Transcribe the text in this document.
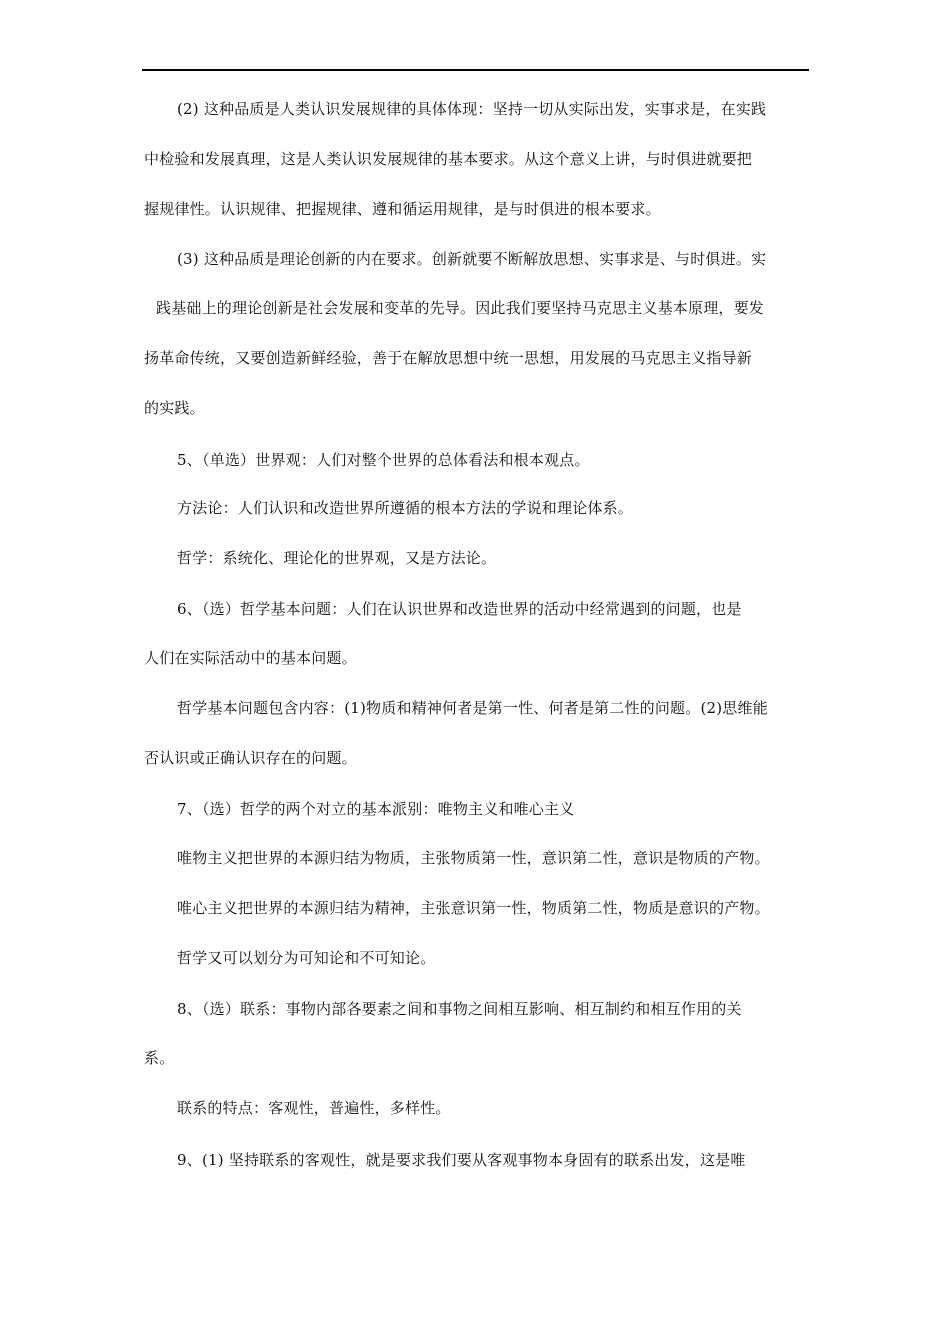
(2) 这种品质是人类认识发展规律的具体体现：坚持一切从实际出发，实事求是，在实践
中检验和发展真理，这是人类认识发展规律的基本要求。从这个意义上讲，与时俱进就要把
握规律性。认识规律、把握规律、遵和循运用规律，是与时俱进的根本要求。
(3) 这种品质是理论创新的内在要求。创新就要不断解放思想、实事求是、与时俱进。实
践基础上的理论创新是社会发展和变革的先导。因此我们要坚持马克思主义基本原理，要发
扬革命传统，又要创造新鲜经验，善于在解放思想中统一思想，用发展的马克思主义指导新
的实践。
5、（单选）世界观：人们对整个世界的总体看法和根本观点。
方法论：人们认识和改造世界所遵循的根本方法的学说和理论体系。
哲学：系统化、理论化的世界观，又是方法论。
6、（选）哲学基本问题：人们在认识世界和改造世界的活动中经常遇到的问题，也是
人们在实际活动中的基本问题。
哲学基本问题包含内容：(1)物质和精神何者是第一性、何者是第二性的问题。(2)思维能
否认识或正确认识存在的问题。
7、（选）哲学的两个对立的基本派别：唯物主义和唯心主义
唯物主义把世界的本源归结为物质，主张物质第一性，意识第二性，意识是物质的产物。
唯心主义把世界的本源归结为精神，主张意识第一性，物质第二性，物质是意识的产物。
哲学又可以划分为可知论和不可知论。
8、（选）联系：事物内部各要素之间和事物之间相互影响、相互制约和相互作用的关
系。
联系的特点：客观性，普遍性，多样性。
9、(1) 坚持联系的客观性，就是要求我们要从客观事物本身固有的联系出发，这是唯
